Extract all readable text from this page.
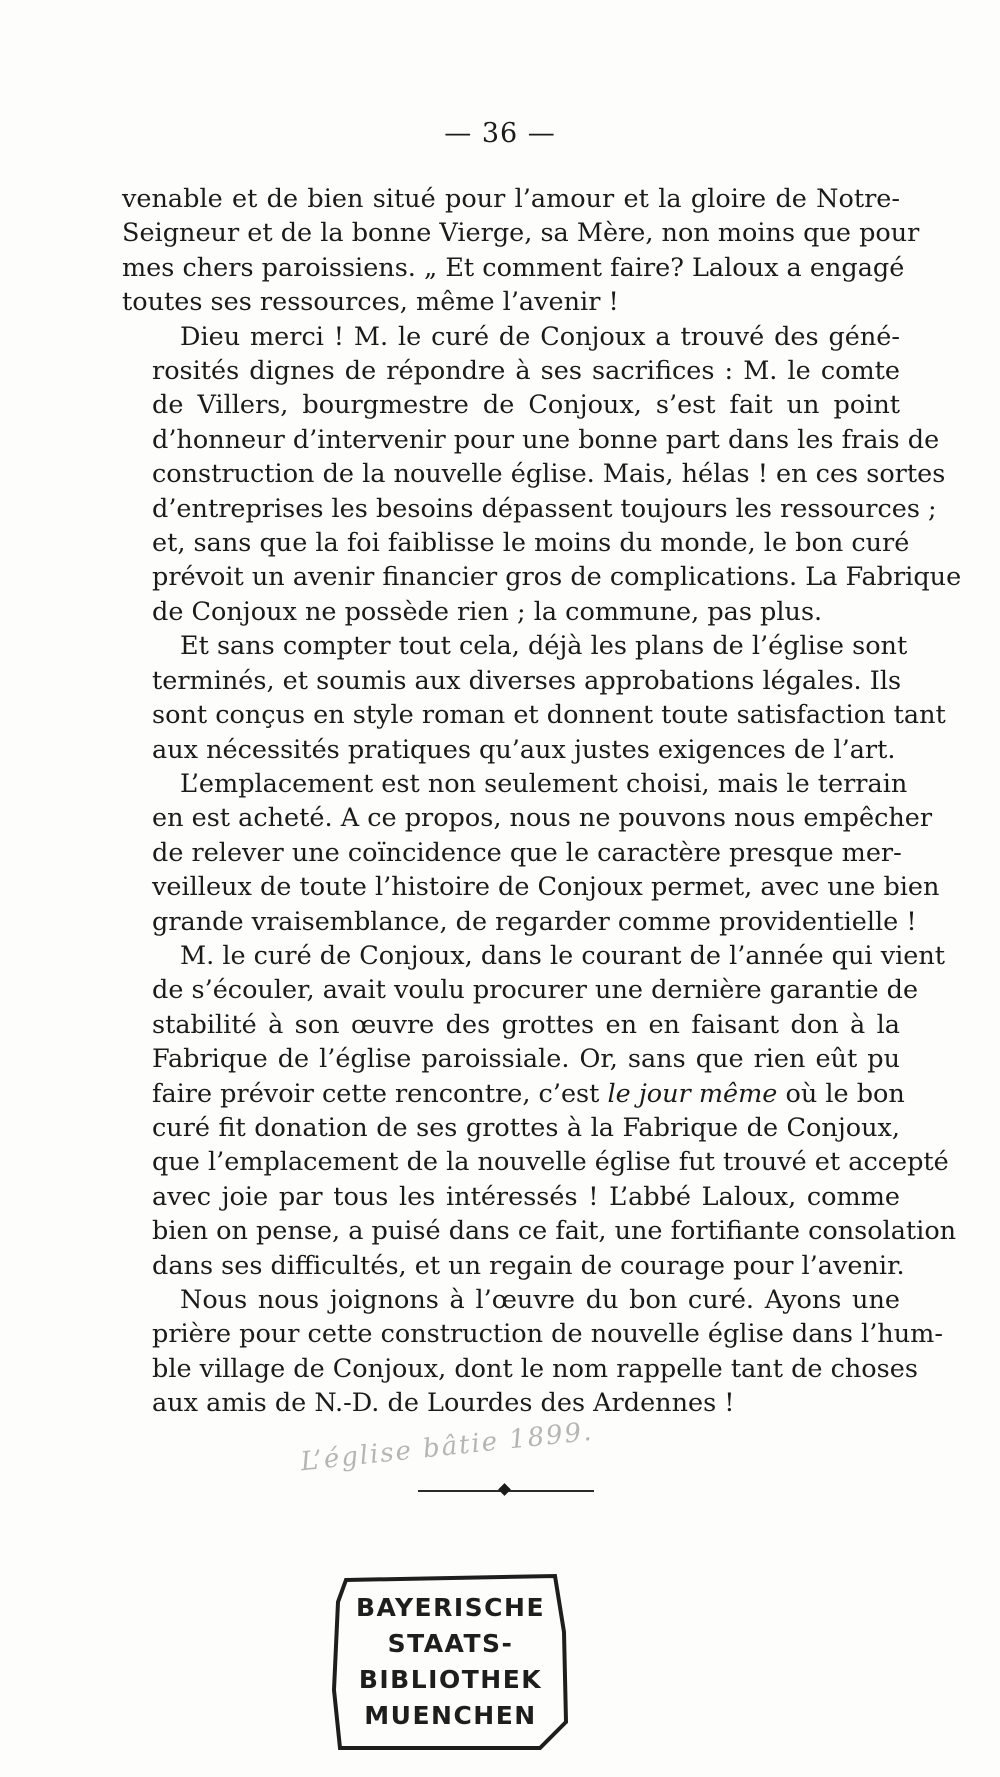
— 36 —

venable et de bien situé pour l’amour et la gloire de Notre-
Seigneur et de la bonne Vierge, sa Mère, non moins que pour
mes chers paroissiens. „ Et comment faire? Laloux a engagé
toutes ses ressources, même l’avenir !

Dieu merci ! M. le curé de Conjoux a trouvé des géné-
rosités dignes de répondre à ses sacrifices : M. le comte
de Villers, bourgmestre de Conjoux, s’est fait un point
d’honneur d’intervenir pour une bonne part dans les frais de
construction de la nouvelle église. Mais, hélas ! en ces sortes
d’entreprises les besoins dépassent toujours les ressources ;
et, sans que la foi faiblisse le moins du monde, le bon curé
prévoit un avenir financier gros de complications. La Fabrique
de Conjoux ne possède rien ; la commune, pas plus.

Et sans compter tout cela, déjà les plans de l’église sont
terminés, et soumis aux diverses approbations légales. Ils
sont conçus en style roman et donnent toute satisfaction tant
aux nécessités pratiques qu’aux justes exigences de l’art.

L’emplacement est non seulement choisi, mais le terrain
en est acheté. A ce propos, nous ne pouvons nous empêcher
de relever une coïncidence que le caractère presque mer-
veilleux de toute l’histoire de Conjoux permet, avec une bien
grande vraisemblance, de regarder comme providentielle !

M. le curé de Conjoux, dans le courant de l’année qui vient
de s’écouler, avait voulu procurer une dernière garantie de
stabilité à son œuvre des grottes en en faisant don à la
Fabrique de l’église paroissiale. Or, sans que rien eût pu
faire prévoir cette rencontre, c’est le jour même où le bon
curé fit donation de ses grottes à la Fabrique de Conjoux,
que l’emplacement de la nouvelle église fut trouvé et accepté
avec joie par tous les intéressés ! L’abbé Laloux, comme
bien on pense, a puisé dans ce fait, une fortifiante consolation
dans ses difficultés, et un regain de courage pour l’avenir.

Nous nous joignons à l’œuvre du bon curé. Ayons une
prière pour cette construction de nouvelle église dans l’hum-
ble village de Conjoux, dont le nom rappelle tant de choses
aux amis de N.-D. de Lourdes des Ardennes !

L’église bâtie 1899.
BAYERISCHE
STAATS-
BIBLIOTHEK
MUENCHEN
